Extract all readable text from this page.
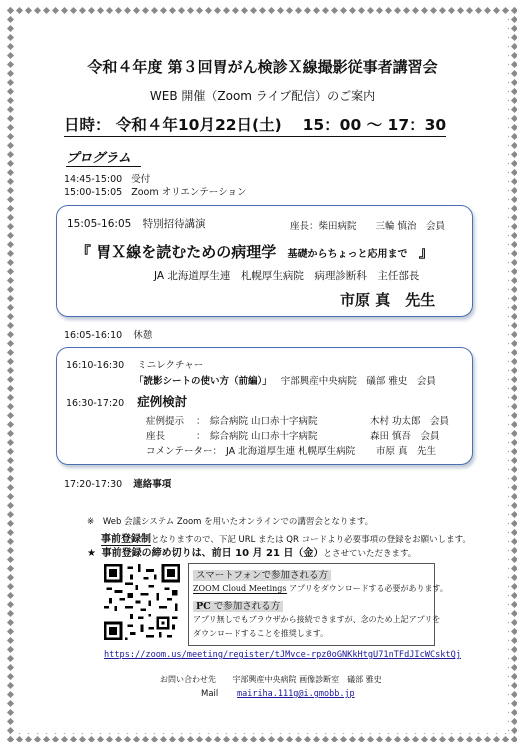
令和４年度 第３回胃がん検診Ｘ線撮影従事者講習会
WEB 開催（Zoom ライブ配信）のご案内
日時： 令和４年10月22日(土)　 15：00 ～ 17：30
プログラム
14:45-15:00 受付
15:00-15:05 Zoom オリエンテーション
15:05-16:05 特別招待講演	座長：柴田病院　　三輪 慎治　会員
『 胃Ｘ線を読むための病理学 基礎からちょっと応用まで 』
JA 北海道厚生連　札幌厚生病院　病理診断科　主任部長
市原 真　先生
16:05-16:10 休憩
16:10-16:30 ミニレクチャー
「読影シートの使い方（前編）」 宇部興産中央病院　礒部 雅史　会員
16:30-17:20 症例検討
症例提示 ： 綜合病院 山口赤十字病院	木村 功太郎　会員
座長	： 綜合病院 山口赤十字病院	森田 慎吾　会員
コメンテーター： JA 北海道厚生連 札幌厚生病院 市原 真　先生
17:20-17:30 連絡事項
※ Web 会議システム Zoom を用いたオンラインでの講習会となります。
事前登録制となりますので、下記 URL または QR コードより必要事項の登録をお願いします。
★ 事前登録の締め切りは、前日 10 月 21 日（金）とさせていただきます。
スマートフォンで参加される方
ZOOM Cloud Meetings アプリをダウンロードする必要があります。
PC で参加される方
アプリ無しでもブラウザから接続できますが、念のため上記アプリを
ダウンロードすることを推奨します。
https://zoom.us/meeting/register/tJMvce-rpz0oGNKkHtgU71nTFdJIcWCsktQj
お問い合わせ先 宇部興産中央病院 画像診断室　礒部 雅史
Mail mairiha.111g@i.gmobb.jp
